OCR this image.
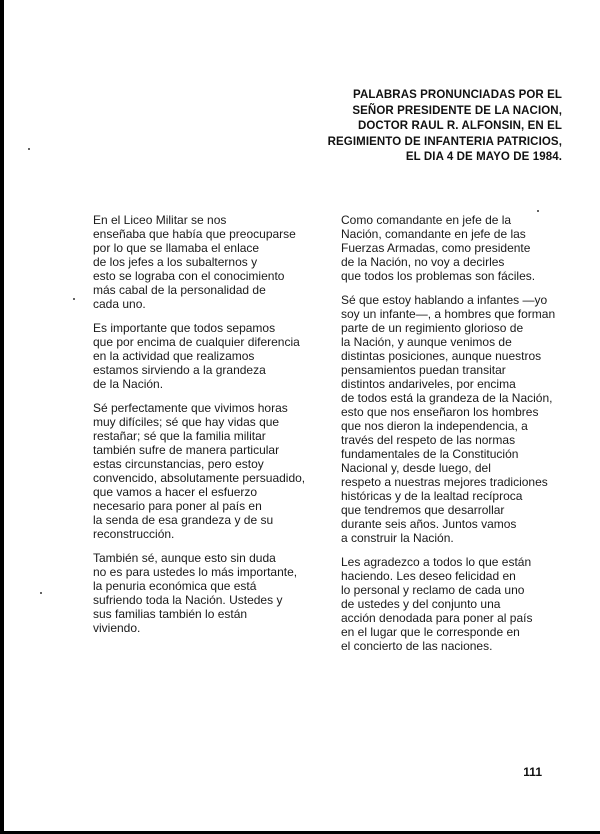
PALABRAS PRONUNCIADAS POR EL
SEÑOR PRESIDENTE DE LA NACION,
DOCTOR RAUL R. ALFONSIN, EN EL
REGIMIENTO DE INFANTERIA PATRICIOS,
EL DIA 4 DE MAYO DE 1984.

En el Liceo Militar se nos
enseñaba que había que preocuparse
por lo que se llamaba el enlace
de los jefes a los subalternos y
esto se lograba con el conocimiento
más cabal de la personalidad de
cada uno.

Es importante que todos sepamos
que por encima de cualquier diferencia
en la actividad que realizamos
estamos sirviendo a la grandeza
de la Nación.

Sé perfectamente que vivimos horas
muy difíciles; sé que hay vidas que
restañar; sé que la familia militar
también sufre de manera particular
estas circunstancias, pero estoy
convencido, absolutamente persuadido,
que vamos a hacer el esfuerzo
necesario para poner al país en
la senda de esa grandeza y de su
reconstrucción.

También sé, aunque esto sin duda
no es para ustedes lo más importante,
la penuria económica que está
sufriendo toda la Nación. Ustedes y
sus familias también lo están
viviendo.

Como comandante en jefe de la
Nación, comandante en jefe de las
Fuerzas Armadas, como presidente
de la Nación, no voy a decirles
que todos los problemas son fáciles.

Sé que estoy hablando a infantes —yo
soy un infante—, a hombres que forman
parte de un regimiento glorioso de
la Nación, y aunque venimos de
distintas posiciones, aunque nuestros
pensamientos puedan transitar
distintos andariveles, por encima
de todos está la grandeza de la Nación,
esto que nos enseñaron los hombres
que nos dieron la independencia, a
través del respeto de las normas
fundamentales de la Constitución
Nacional y, desde luego, del
respeto a nuestras mejores tradiciones
históricas y de la lealtad recíproca
que tendremos que desarrollar
durante seis años. Juntos vamos
a construir la Nación.

Les agradezco a todos lo que están
haciendo. Les deseo felicidad en
lo personal y reclamo de cada uno
de ustedes y del conjunto una
acción denodada para poner al país
en el lugar que le corresponde en
el concierto de las naciones.

111
